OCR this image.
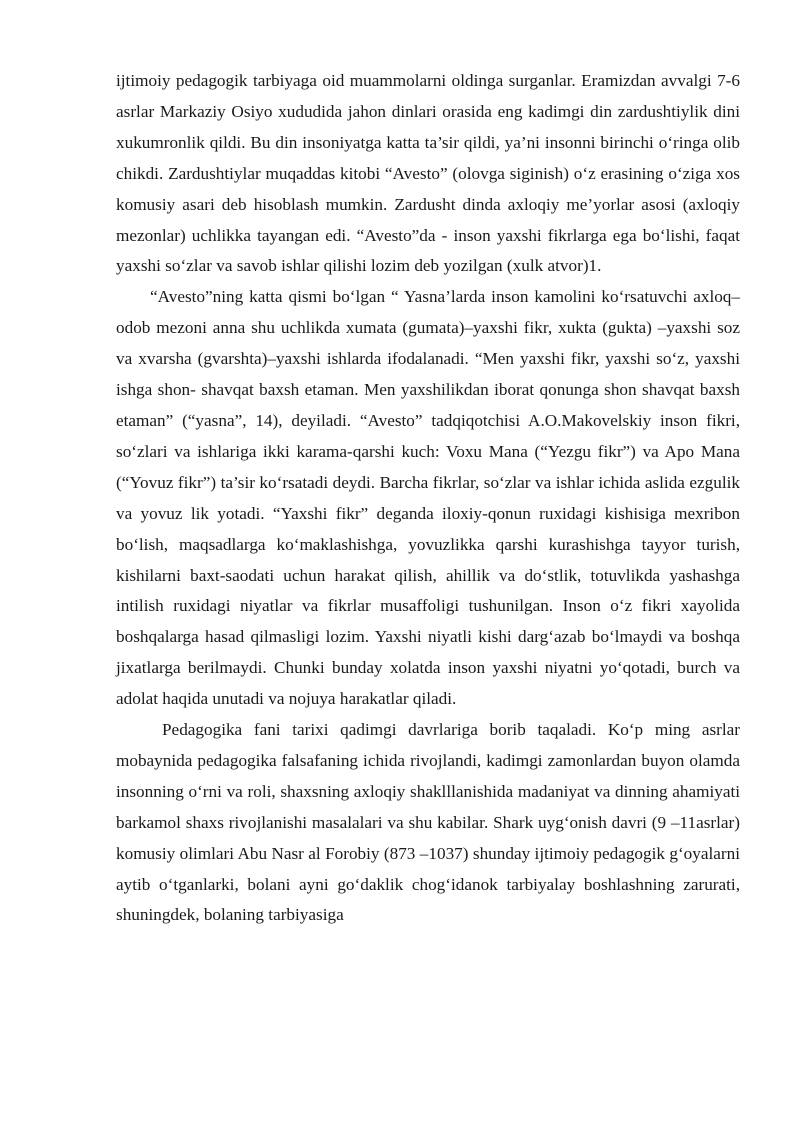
ijtimoiy pedagogik tarbiyaga oid muammolarni oldinga surganlar. Eramizdan avvalgi 7-6 asrlar Markaziy Osiyo xududida jahon dinlari orasida eng kadimgi din zardushtiylik dini xukumronlik qildi. Bu din insoniyatga katta ta’sir qildi, ya’ni insonni birinchi o‘ringa olib chikdi. Zardushtiylar muqaddas kitobi “Avesto” (olovga siginish) o‘z erasining o‘ziga xos komusiy asari deb hisoblash mumkin. Zardusht dinda axloqiy me’yorlar asosi (axloqiy mezonlar) uchlikka tayangan edi. “Avesto”da - inson yaxshi fikrlarga ega bo‘lishi, faqat yaxshi so‘zlar va savob ishlar qilishi lozim deb yozilgan (xulk atvor)1.

“Avesto”ning katta qismi bo‘lgan “ Yasna’larda inson kamolini ko‘rsatuvchi axloq–odob mezoni anna shu uchlikda xumata (gumata)–yaxshi fikr, xukta (gukta) –yaxshi soz va xvarsha (gvarshta)–yaxshi ishlarda ifodalanadi. “Men yaxshi fikr, yaxshi so‘z, yaxshi ishga shon- shavqat baxsh etaman. Men yaxshilikdan iborat qonunga shon shavqat baxsh etaman” (“yasna”, 14), deyiladi. “Avesto” tadqiqotchisi A.O.Makovelskiy inson fikri, so‘zlari va ishlariga ikki karama-qarshi kuch: Voxu Mana (“Yezgu fikr”) va Apo Mana (“Yovuz fikr”) ta’sir ko‘rsatadi deydi. Barcha fikrlar, so‘zlar va ishlar ichida aslida ezgulik va yovuz lik yotadi. “Yaxshi fikr” deganda iloxiy-qonun ruxidagi kishisiga mexribon bo‘lish, maqsadlarga ko‘maklashishga, yovuzlikka qarshi kurashishga tayyor turish, kishilarni baxt-saodati uchun harakat qilish, ahillik va do‘stlik, totuvlikda yashashga intilish ruxidagi niyatlar va fikrlar musaffoligi tushunilgan. Inson o‘z fikri xayolida boshqalarga hasad qilmasligi lozim. Yaxshi niyatli kishi darg‘azab bo‘lmaydi va boshqa jixatlarga berilmaydi. Chunki bunday xolatda inson yaxshi niyatni yo‘qotadi, burch va adolat haqida unutadi va nojuya harakatlar qiladi.

Pedagogika fani tarixi qadimgi davrlariga borib taqaladi. Ko‘p ming asrlar mobaynida pedagogika falsafaning ichida rivojlandi, kadimgi zamonlardan buyon olamda insonning o‘rni va roli, shaxsning axloqiy shaklllanishida madaniyat va dinning ahamiyati barkamol shaxs rivojlanishi masalalari va shu kabilar. Shark uyg‘onish davri (9 –11asrlar) komusiy olimlari Abu Nasr al Forobiy (873 –1037) shunday ijtimoiy pedagogik g‘oyalarni aytib o‘tganlarki, bolani ayni go‘daklik chog‘idanok tarbiyalay boshlashning zarurati, shuningdek, bolaning tarbiyasiga
